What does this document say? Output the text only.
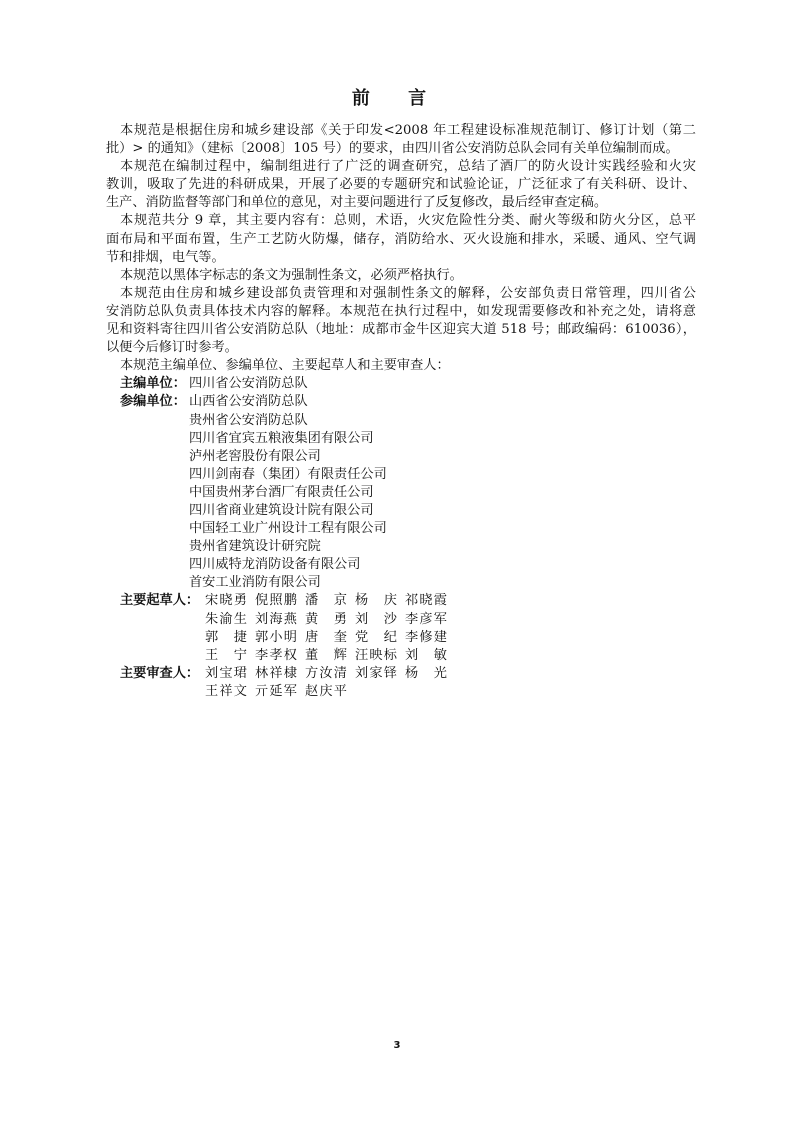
前 言
本规范是根据住房和城乡建设部《关于印发<2008 年工程建设标准规范制订、修订计划（第二
批）> 的通知》（建标〔2008〕105 号）的要求，由四川省公安消防总队会同有关单位编制而成。
本规范在编制过程中，编制组进行了广泛的调查研究，总结了酒厂的防火设计实践经验和火灾
教训，吸取了先进的科研成果，开展了必要的专题研究和试验论证，广泛征求了有关科研、设计、
生产、消防监督等部门和单位的意见，对主要问题进行了反复修改，最后经审查定稿。
本规范共分 9 章，其主要内容有：总则，术语，火灾危险性分类、耐火等级和防火分区，总平
面布局和平面布置，生产工艺防火防爆，储存，消防给水、灭火设施和排水，采暖、通风、空气调
节和排烟，电气等。
本规范以黑体字标志的条文为强制性条文，必须严格执行。
本规范由住房和城乡建设部负责管理和对强制性条文的解释，公安部负责日常管理，四川省公
安消防总队负责具体技术内容的解释。本规范在执行过程中，如发现需要修改和补充之处，请将意
见和资料寄往四川省公安消防总队（地址：成都市金牛区迎宾大道 518 号；邮政编码：610036），
以便今后修订时参考。
本规范主编单位、参编单位、主要起草人和主要审查人：
主编单位： 四川省公安消防总队
参编单位： 山西省公安消防总队
贵州省公安消防总队
四川省宜宾五粮液集团有限公司
泸州老窖股份有限公司
四川剑南春（集团）有限责任公司
中国贵州茅台酒厂有限责任公司
四川省商业建筑设计院有限公司
中国轻工业广州设计工程有限公司
贵州省建筑设计研究院
四川威特龙消防设备有限公司
首安工业消防有限公司
主要起草人： 宋晓勇 倪照鹏 潘京 杨庆 祁晓霞
朱渝生 刘海燕 黄勇 刘沙 李彦军
郭捷 郭小明 唐奎 党纪 李修建
王宁 李孝权 董辉 汪映标 刘敏
主要审查人： 刘宝珺 林祥棣 方汝清 刘家铎 杨光
王祥文 亓延军 赵庆平
3
